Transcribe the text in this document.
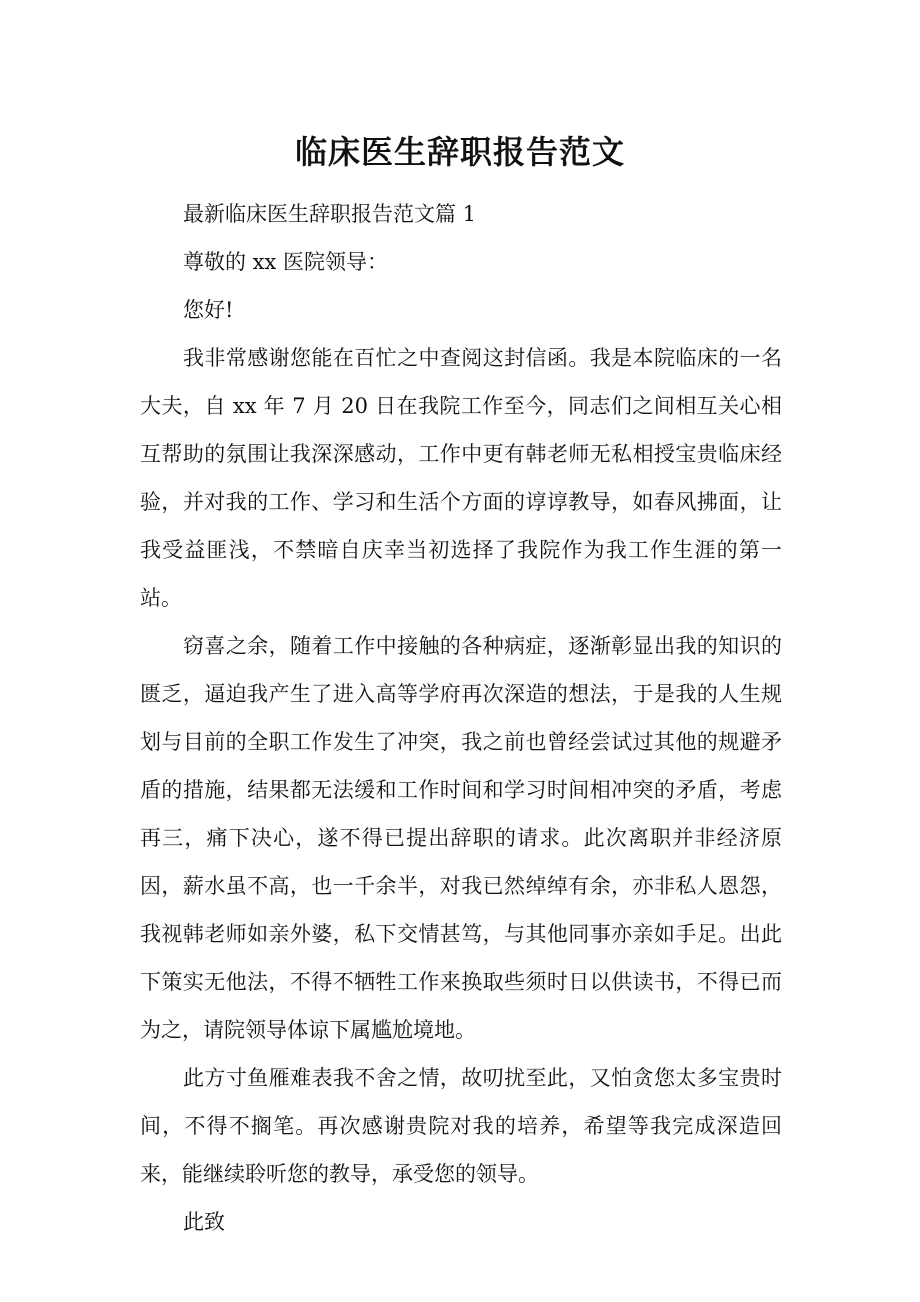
临床医生辞职报告范文

最新临床医生辞职报告范文篇 1

尊敬的 xx 医院领导：

您好!

我非常感谢您能在百忙之中查阅这封信函。我是本院临床的一名大夫，自 xx 年 7 月 20 日在我院工作至今，同志们之间相互关心相互帮助的氛围让我深深感动，工作中更有韩老师无私相授宝贵临床经验，并对我的工作、学习和生活个方面的谆谆教导，如春风拂面，让我受益匪浅，不禁暗自庆幸当初选择了我院作为我工作生涯的第一站。

窃喜之余，随着工作中接触的各种病症，逐渐彰显出我的知识的匮乏，逼迫我产生了进入高等学府再次深造的想法，于是我的人生规划与目前的全职工作发生了冲突，我之前也曾经尝试过其他的规避矛盾的措施，结果都无法缓和工作时间和学习时间相冲突的矛盾，考虑再三，痛下决心，遂不得已提出辞职的请求。此次离职并非经济原因，薪水虽不高，也一千余半，对我已然绰绰有余，亦非私人恩怨，我视韩老师如亲外婆，私下交情甚笃，与其他同事亦亲如手足。出此下策实无他法，不得不牺牲工作来换取些须时日以供读书，不得已而为之，请院领导体谅下属尴尬境地。

此方寸鱼雁难表我不舍之情，故叨扰至此，又怕贪您太多宝贵时间，不得不搁笔。再次感谢贵院对我的培养，希望等我完成深造回来，能继续聆听您的教导，承受您的领导。

此致
